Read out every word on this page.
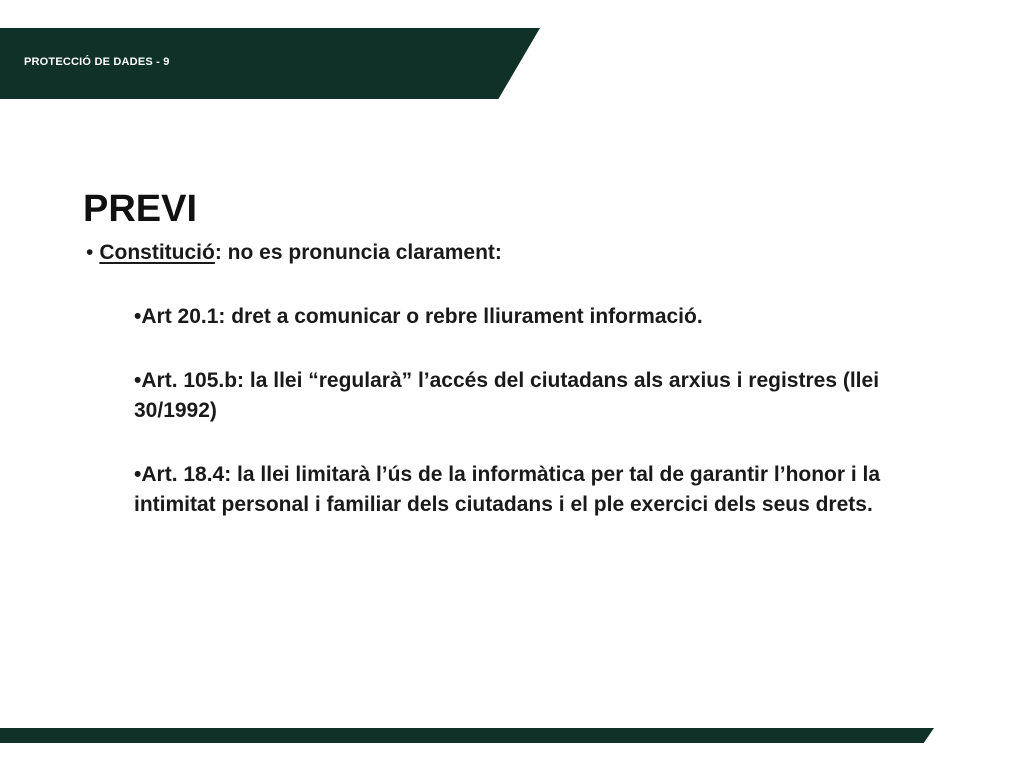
PROTECCIÓ DE DADES - 9
PREVI
• Constitució: no es pronuncia clarament:
• Art 20.1: dret a comunicar o rebre lliurament informació.
• Art. 105.b: la llei “regularà” l’accés del ciutadans als arxius i registres (llei 30/1992)
• Art. 18.4: la llei limitarà l’ús de la informàtica per tal de garantir l’honor i la intimitat personal i familiar dels ciutadans i el ple exercici dels seus drets.
